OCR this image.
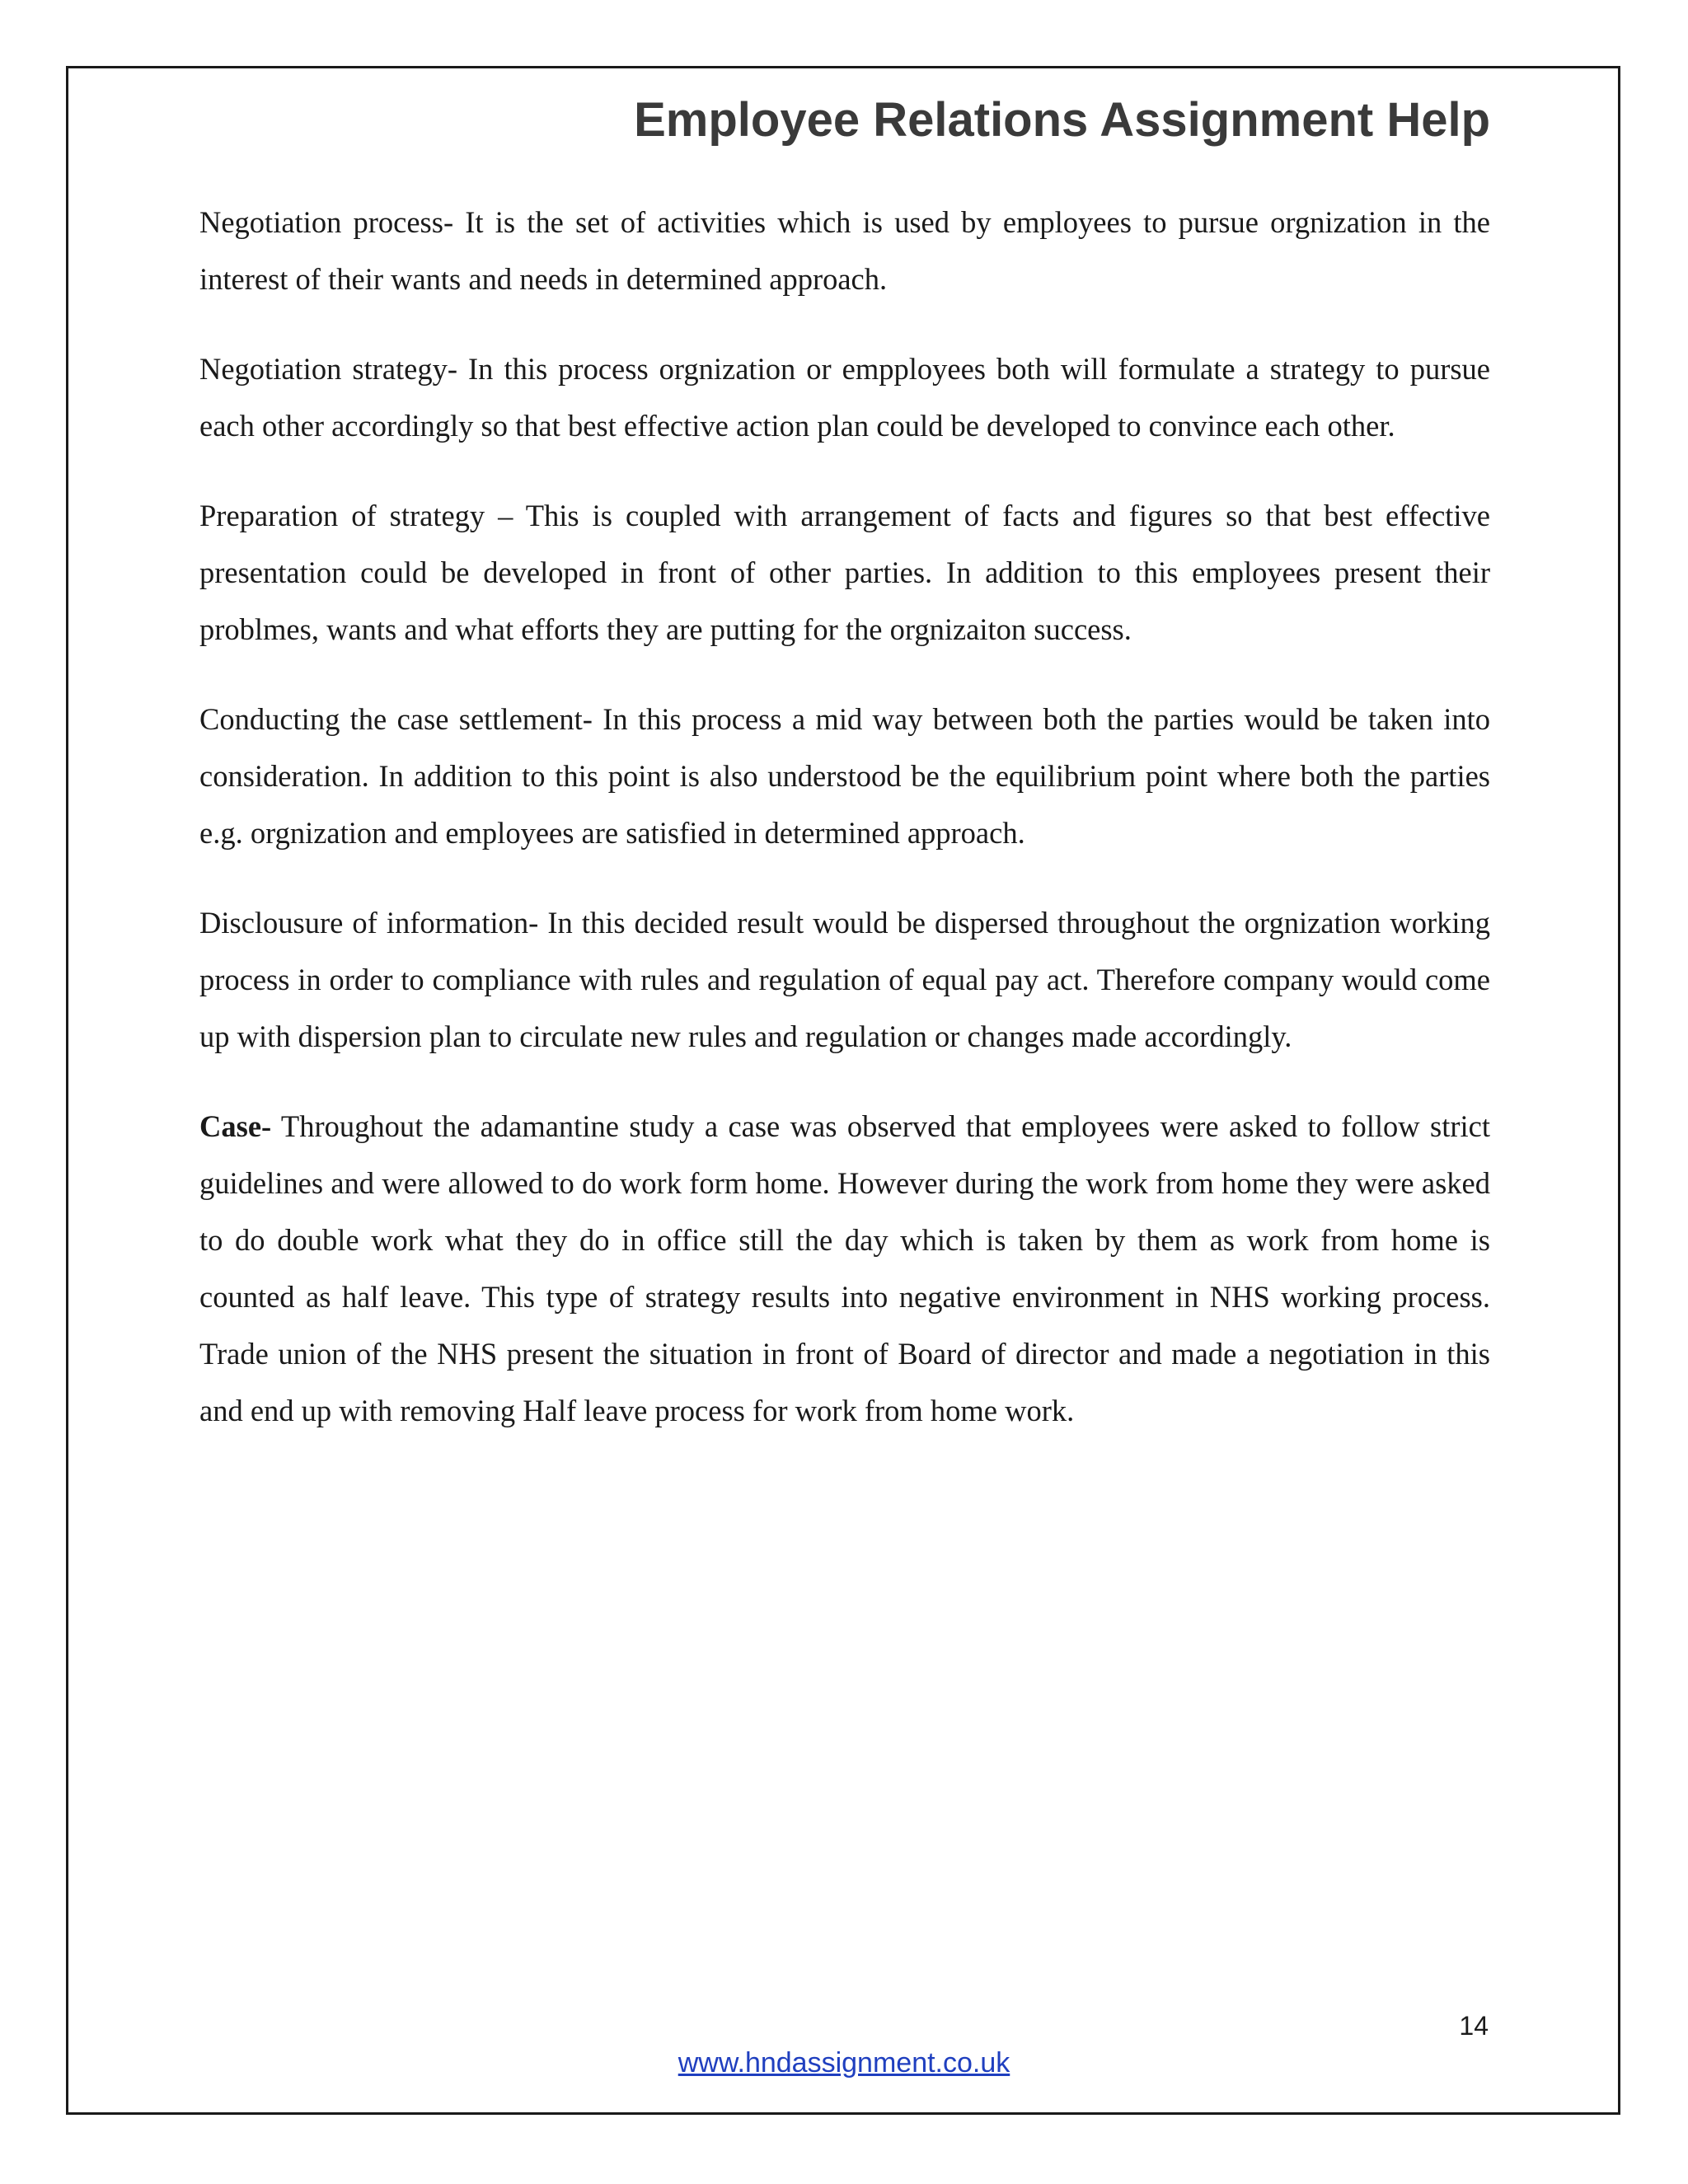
Employee Relations Assignment Help

Negotiation process- It is the set of activities which is used by employees to pursue orgnization in the interest of their wants and needs in determined approach.

Negotiation strategy- In this process orgnization or empployees both will formulate a strategy to pursue each other accordingly so that best effective action plan could be developed to convince each other.

Preparation of strategy – This is coupled with arrangement of facts and figures so that best effective presentation could be developed in front of other parties. In addition to this employees present their problmes, wants and what efforts they are putting for the orgnizaiton success.

Conducting the case settlement- In this process a mid way between both the parties would be taken into consideration. In addition to this point is also understood be the equilibrium point where both the parties e.g. orgnization and employees are satisfied in determined approach.

Disclousure of information- In this decided result would be dispersed throughout the orgnization working process in order to compliance with rules and regulation of equal pay act. Therefore company would come up with dispersion plan to circulate new rules and regulation or changes made accordingly.

Case- Throughout the adamantine study a case was observed that employees were asked to follow strict guidelines and were allowed to do work form home. However during the work from home they were asked to do double work what they do in office still the day which is taken by them as work from home is counted as half leave. This type of strategy results into negative environment in NHS working process. Trade union of the NHS present the situation in front of Board of director and made a negotiation in this and end up with removing Half leave process for work from home work.

14
www.hndassignment.co.uk
